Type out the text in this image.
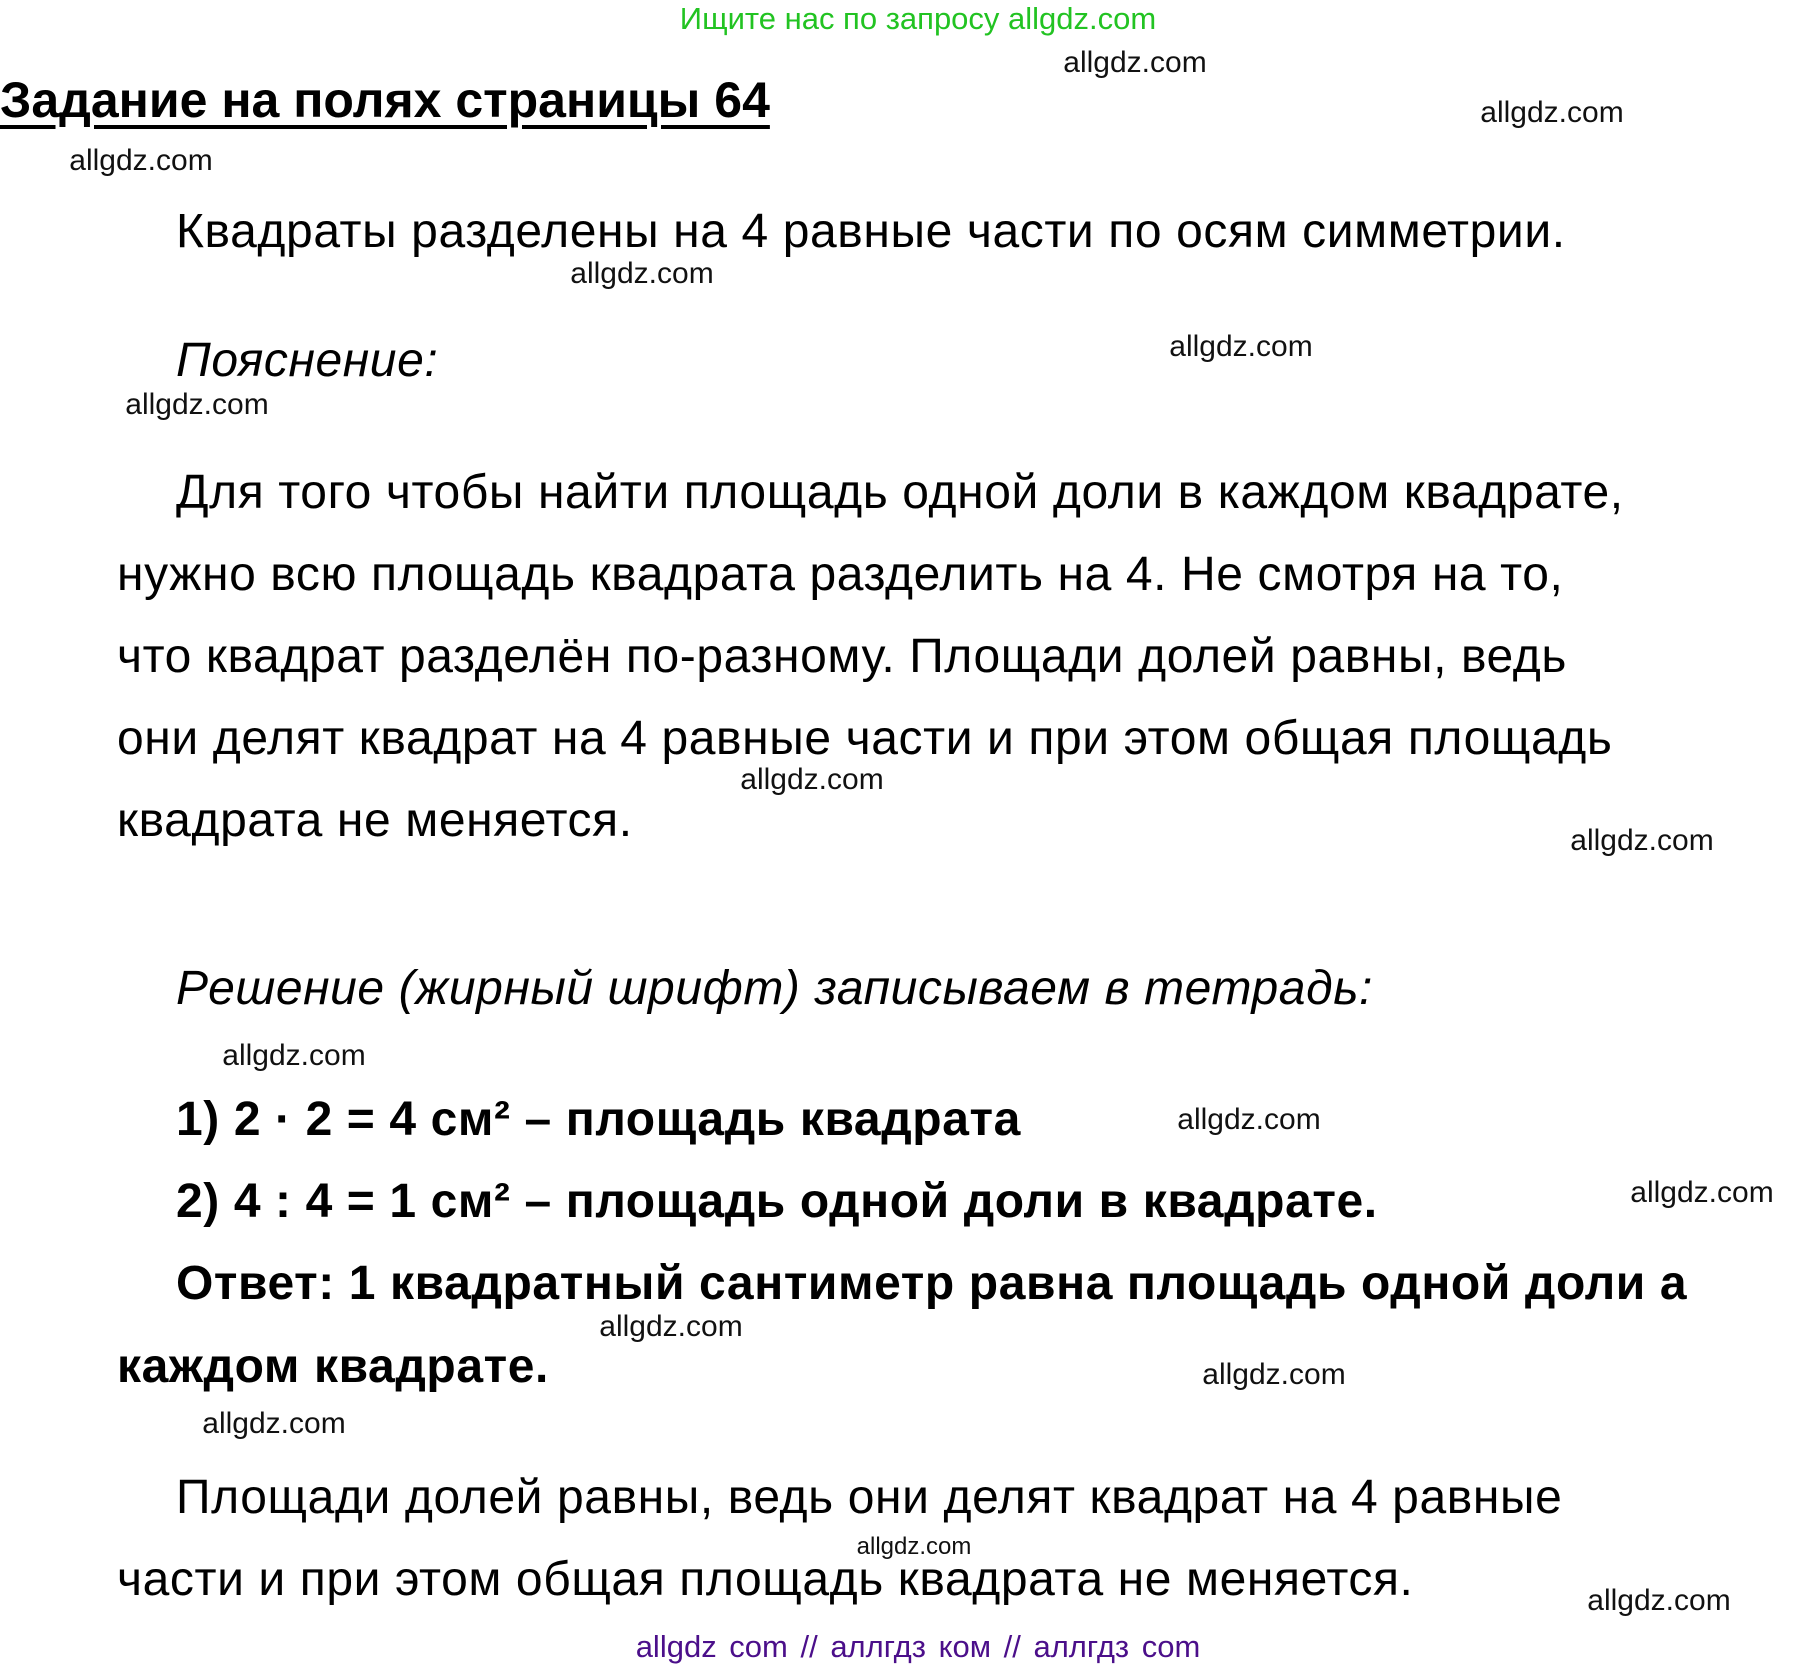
Ищите нас по запросу allgdz.com
Задание на полях страницы 64
Квадраты разделены на 4 равные части по осям симметрии.
Пояснение:
Для того чтобы найти площадь одной доли в каждом квадрате,
нужно всю площадь квадрата разделить на 4. Не смотря на то,
что квадрат разделён по-разному. Площади долей равны, ведь
они делят квадрат на 4 равные части и при этом общая площадь
квадрата не меняется.
Решение (жирный шрифт) записываем в тетрадь:
1) 2 · 2 = 4 см² – площадь квадрата
2) 4 : 4 = 1 см² – площадь одной доли в квадрате.
Ответ: 1 квадратный сантиметр равна площадь одной доли а
каждом квадрате.
Площади долей равны, ведь они делят квадрат на 4 равные
части и при этом общая площадь квадрата не меняется.
allgdz.com
allgdz.com
allgdz.com
allgdz.com
allgdz.com
allgdz.com
allgdz.com
allgdz.com
allgdz.com
allgdz.com
allgdz.com
allgdz.com
allgdz.com
allgdz.com
allgdz.com
allgdz.com
allgdz com // аллгдз ком // аллгдз com
